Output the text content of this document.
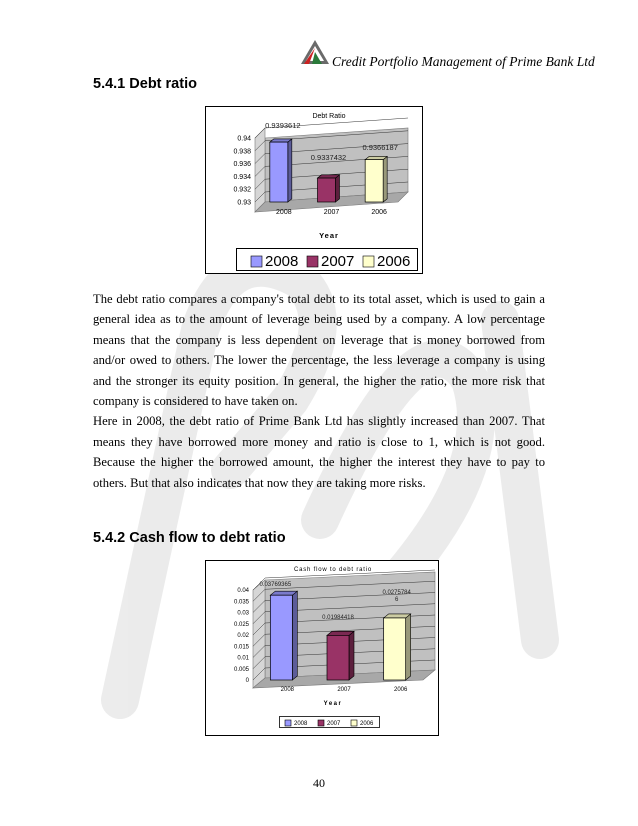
Credit Portfolio Management of Prime Bank Ltd
5.4.1 Debt ratio
Debt Ratio
0.93
0.932
0.934
0.936
0.938
0.94
0.9393612
0.9337432
0.9366187
2008	2007	2006
Year
2008 2007 2006

The debt ratio compares a company's total debt to its total asset, which is used to gain a general idea as to the amount of leverage being used by a company. A low percentage means that the company is less dependent on leverage that is money borrowed from and/or owed to others. The lower the percentage, the less leverage a company is using and the stronger its equity position. In general, the higher the ratio, the more risk that company is considered to have taken on.

Here in 2008, the debt ratio of Prime Bank Ltd has slightly increased than 2007. That means they have borrowed more money and ratio is close to 1, which is not good. Because the higher the borrowed amount, the higher the interest they have to pay to others. But that also indicates that now they are taking more risks.

5.4.2 Cash flow to debt ratio
Cash flow to debt ratio
0
0.005
0.01
0.015
0.02
0.025
0.03
0.035
0.04
0.03769365
0.01984418
0.0275784 6
2008	2007	2006
Year
2008	2007	2006
40
